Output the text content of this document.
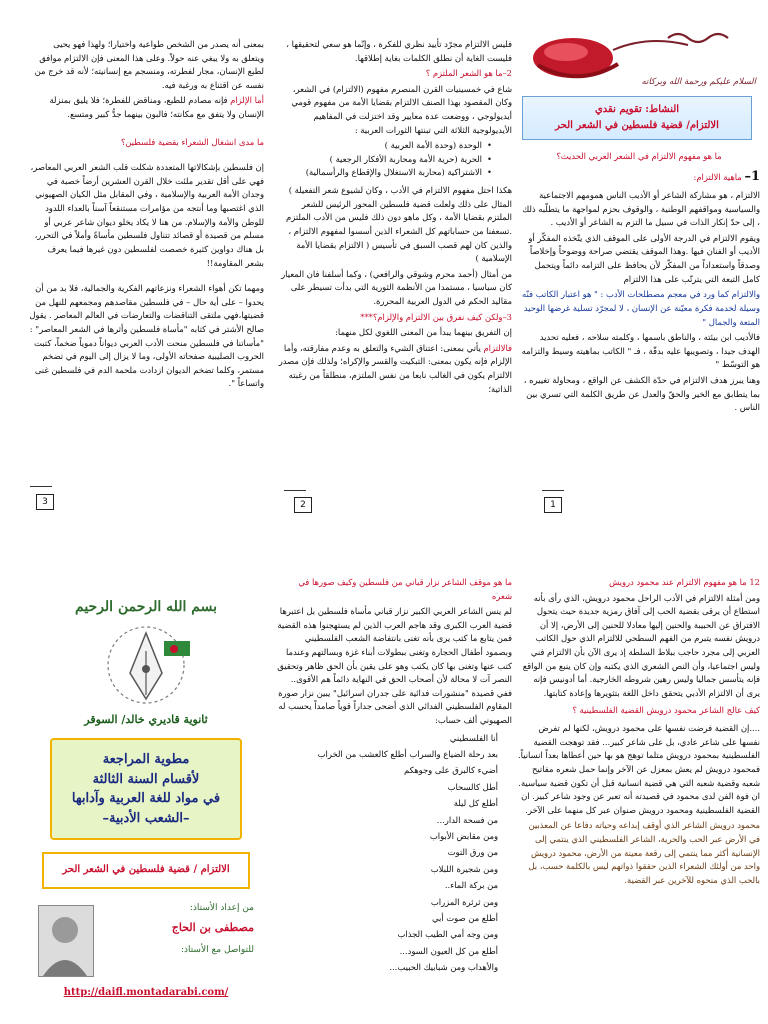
السلام عليكم ورحمة الله وبركاته
النشاط: تقويم نقدي
الالتزام/ قضية فلسطين في الشعر الحر

ما هو مفهوم الالتزام في الشعر العربي الحديث؟

1– ماهية الالتزام:

الالتزام ، هو مشاركة الشاعر أو الأديب الناس همومهم الاجتماعية والسياسية ومواقفهم الوطنية ، والوقوف بحزم لمواجهة ما يتطلّبه ذلك ، إلى حدّ إنكار الذات في سبيل ما التزم به الشاعر أو الأديب .

ويقوم الالتزام في الدرجة الأولى على الموقف الذي يتّخذه المفكّر أو الأديب أو الفنان فيها .وهذا الموقف يقتضي صراحة ووضوحاً وإخلاصاً وصدقاً واستعداداً من المفكّر لأن يحافظ على التزامه دائماً ويتحمل كامل التبعة التي يترتّب على هذا الالتزام

والالتزام كما ورد في معجم مصطلحات الأدب : " هو اعتبار الكاتب فنّه وسيلة لخدمة فكرة معيّنة عن الإنسان ، لا لمجرّد تسلية غرضها الوحيد المتعة والجمال "

فالأديب ابن بيئته ، والناطق باسمها ، وكلمته سلاحه ، فعليه تحديد الهدف جيدا ، وتصويبها عليه بدقّة ، فـ " الكاتب بماهيته وسيط والتزامه هو التوسّط "

وهنا يبرز هدف الالتزام في حدّة الكشف عن الواقع ، ومحاولة تغييره ، بما يتطابق مع الخير والحقّ والعدل عن طريق الكلمة التي تسري بين الناس .

1

فليس الالتزام مجرّد تأييد نظري للفكرة ، وإنّما هو سعي لتحقيقها ، فليست الغاية أن نطلق الكلمات بغاية إطلاقها.

2–ما هو الشعر الملتزم ؟

شاع في خمسينيات القرن المنصرم مفهوم (الالتزام) في الشعر، وكان المقصود بهذا الصنف الالتزام بقضايا الأمة من مفهوم قومي أيديولوجي ، ووضعت عدة معايير وقد اختزلت في المفاهيم الأيديولوجية الثلاثة التي تبنتها الثورات العربية :

• الوحدة (وحدة الأمة العربية )
• الحرية (حرية الأمة ومحاربة الأفكار الرجعية )
• الاشتراكية (محاربة الاستغلال والإقطاع والرأسمالية)

هكذا احتل مفهوم الالتزام في الأدب ، وكان لشيوع شعر التفعيلة ) المثال على ذلك ولعلت قضية فلسطين المحور الرئيس للشعر الملتزم بقضايا الأمة ، وكل ماهو دون ذلك فليس من الأدب الملتزم .تسعفنا من حساباتهم كل الشعراء الذين أسسوا لمفهوم الالتزام ، والذين كان لهم قصب السبق في تأسيس ( الالتزام بقضايا الأمة الإسلامية )

من أمثال (أحمد محرم وشوقي والرافعي) ، وكما أسلفنا فان المعيار كان سياسيا ، مستمدا من الأنظمة الثورية التي بدأت تسيطر على مقاليد الحكم في الدول العربية المحررة.

3–ولكن كيف نفرق بين الالتزام والإلزام؟***

إن التفريق بينهما يبدأ من المعنى اللغوي لكل منهما:

فالالتزام يأتي بمعنى: اعتناق الشيء والتعلق به وعدم مفارقته، وأما الإلزام فإنه يكون بمعنى: التبكيت والقسر والإكراه؛ ولذلك فإن مصدر الالتزام يكون في الغالب نابعا من نفس الملتزم، منطلقاً من رغبته الذاتية؛

2

بمعنى أنه يصدر من الشخص طواعية واختيارا؛ ولهذا فهو يحيى ويتعلق به ولا يبغي عنه حولاً. وعلى هذا المعنى فإن الالتزام موافق لطبع الإنسان، مجار لفطرته، ومنسجم مع إنسانيته؛ لأنه قد خرج من نفسه عن اقتناع به ورغبة فيه.

أما الإلزام فإنه مصادم للطبع، ومناقض للفطرة؛ فلا يليق بمنزلة الإنسان ولا يتفق مع مكانته؛ فالبون بينهما جدُّ كبير ومتسع.

ما مدى انشغال الشعراء بقضية فلسطين؟

إن فلسطين بإشكالاتها المتعددة شكلت قلب الشعر العربي المعاصر، فهي على أقل تقدير ملئت خلال القرن العشرين أرضاً خصبة في وجدان الأمة العربية والإسلامية ، وفي المقابل مثل الكيان الصهيوني الذي اغتصبها وما أنتجه من مؤامرات مستنقعاً آسناً بالعداء اللدود للوطن والأمة والإسلام. من هنا لا يكاد يخلو ديوان شاعر عربي أو مسلم من قصيدة أو قصائد تتناول فلسطين مأساةً وأملاً في التحرر، بل هناك دواوين كثيرة خصصت لفلسطين دون غيرها فيما يعرف بشعر المقاومة!!

ومهما تكن أهواء الشعراء ونزعاتهم الفكرية والجمالية، فلا بد من أن يحدوا – على أية حال – في فلسطين مقاصدهم ومجمعهم للنهل من قضيتها،فهي ملتقى التناقضات والتعارضات في العالم المعاصر . يقول صالح الأشتر في كتابه "مأساة فلسطين وأثرها في الشعر المعاصر" : "مأساتنا في فلسطين منحت الأدب العربي ديواناً دموياً ضخماً، كتبت الحروب الصليبية صفحاته الأولى، وما لا يزال إلى اليوم في تضخم مستمر، وكلما تضخم الديوان ازدادت ملحمة الدم في فلسطين غنى واتساعاً ".

3

12 ما هو مفهوم الالتزام عند محمود درويش

ومن أمثلة الالتزام في الأدب الراحل محمود درويش، الذي رأى بأنه استطاع أن يرقى بقضية الحب إلى آفاق رمزية جديدة حيث يتحول الافتراق عن الحبيبة والحنين إليها معادلا للحنين إلى الأرض، إلا أن درويش نفسه يتبرم من الفهم السطحي للالتزام الذي حول الكاتب العربي إلى مجرد حاجب ببلاط السلطة إذ يرى الآن بأن الالتزام فني وليس اجتماعيا، وأن النص الشعري الذي يكتبه وإن كان ينبع من الواقع فإنه يتأسس جماليا وليس رهين شروطه الخارجية. أما أدونيس فإنه يرى أن الالتزام الأدبي يتحقق داخل اللغة بتثويرها وإعادة كتابتها.

كيف عالج الشاعر محمود درويش القضية الفلسطينية ؟

....إن القضية فرضت نفسها على محمود درويش، لكنها لم تفرض نفسها على شاعر عادي، بل على شاعر كبير... فقد توهجت القضية الفلسطينية بمحمود درويش متلما توهج هو بها حين أعطاها بعداً انسانياً. فمحمود درويش لم يعش بمعزل عن الآخر وإنما حمل شعره مفاتيح شعبه وقضية شعبه التي هي قضية انسانية قبل أن تكون قضية سياسية. ان فوة الفن لدى محمود في قصيدته أنه تعبر عن وجود شاعر كبير. ان القضية الفلسطينية ومحمود درويش صنوان عبر كل منهما على الآخر.

محمود درويش الشاعر الذي أوقف إبداعه وحياته دفاعا عن المعذبين في الأرض عبر الحب والحرية، الشاعر الفلسطيني الذي ينتمي إلى الإنسانية أكثر مما ينتمي إلى رقعة معينة من الأرض، محمود درويش واحد من أولئك الشعراء الذين حققوا ذواتهم ليس بالكلمة حسب، بل بالحب الذي منحوه للآخرين عبر القضية.

ما هو موقف الشاعر نزار قباني من فلسطين وكيف صورها في شعره

لم ينس الشاعر العربي الكبير نزار قباني مأساة فلسطين بل اعتبرها قضية العرب الكبرى وقد هاجم العرب الذين لم يستهجنوا هذه القضية فمن يتابع ما كتب يرى بأنه تغنى بانتفاضة الشعب الفلسطيني وبصمود أطفال الحجارة وتغنى ببطولات أبناء غزة وبسالتهم وعندما كتب عنها وتغنى بها كان يكتب وهو على يقين بأن الحق ظاهر وتحقيق النصر آت لا محالة لأن أصحاب الحق في النهاية دائماً هم الأقوى.. ففي قصيدة "منشورات فدائية على جدران اسرائيل" يبين نزار صورة المقاوم الفلسطيني الفدائي الذي أضحى جداراً قوياً صامداً يحسب له الصهيوني ألف حساب:

أنا الفلسطيني

بعد رحلة الضياع والسراب أطلع كالعشب من الخراب

أضيء كالبرق على وجوهكم

أطل كالسحاب

أطلع كل ليلة

من فسحة الدار...

ومن مقابض الأبواب

من ورق التوت

ومن شجيرة اللبلاب

من بركة الماء..

ومن ثرثرة المزراب

أطلع من صوت أبي

ومن وجه أمي الطيب الجذاب

أطلع من كل العيون السود...

والأهداب ومن شبابيك الحبيب...

بسم الله الرحمن الرحيم
ثانوية قاديري خالد/ السوقر
مطوية المراجعة
لأقسام السنة الثالثة
في مواد للغة العربية وآدابها
–الشعب الأدبية–
الالتزام / قضية فلسطين في الشعر الحر
من إعداد الأستاذ:
مصطفى بن الحاج
للتواصل مع الأستاذ:
http://daifl.montadarabi.com/
